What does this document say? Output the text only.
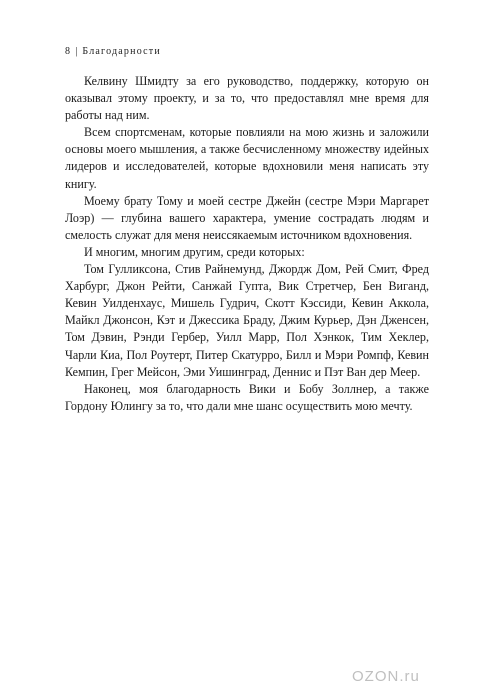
8 | Благодарности

Келвину Шмидту за его руководство, поддержку, которую он оказывал этому проекту, и за то, что предоставлял мне время для работы над ним.

Всем спортсменам, которые повлияли на мою жизнь и заложили основы моего мышления, а также бесчисленному множеству идейных лидеров и исследователей, которые вдохновили меня написать эту книгу.

Моему брату Тому и моей сестре Джейн (сестре Мэри Маргарет Лоэр) — глубина вашего характера, умение сострадать людям и смелость служат для меня неиссякаемым источником вдохновения.

И многим, многим другим, среди которых:

Том Гулликсона, Стив Райнемунд, Джордж Дом, Рей Смит, Фред Харбург, Джон Рейти, Санжай Гупта, Вик Стретчер, Бен Виганд, Кевин Уилденхаус, Мишель Гудрич, Скотт Кэссиди, Кевин Аккола, Майкл Джонсон, Кэт и Джессика Браду, Джим Курьер, Дэн Дженсен, Том Дэвин, Рэнди Гербер, Уилл Марр, Пол Хэнкок, Тим Хеклер, Чарли Киа, Пол Роутерт, Питер Скатурро, Билл и Мэри Ромпф, Кевин Кемпин, Грег Мейсон, Эми Уишинград, Деннис и Пэт Ван дер Меер.

Наконец, моя благодарность Вики и Бобу Золлнер, а также Гордону Юлингу за то, что дали мне шанс осуществить мою мечту.

OZON.ru
